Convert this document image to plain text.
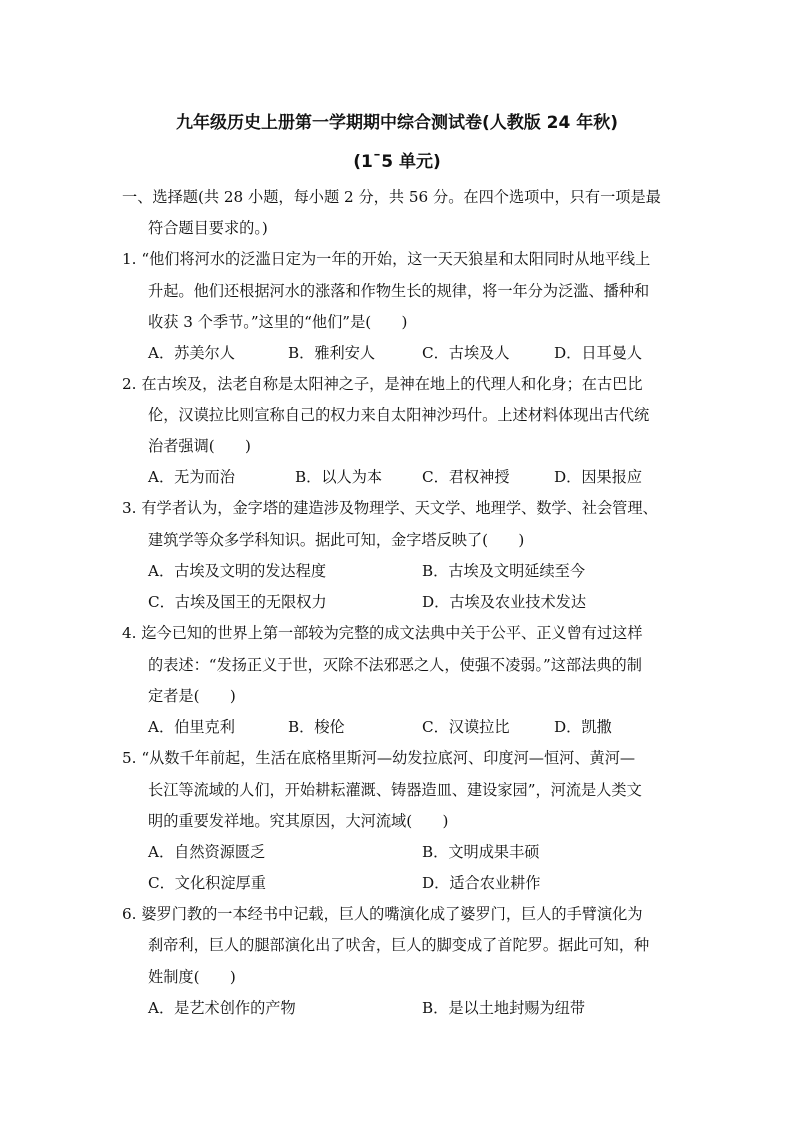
九年级历史上册第一学期期中综合测试卷(人教版 24 年秋)
(1¯5 单元)
一、选择题(共 28 小题，每小题 2 分，共 56 分。在四个选项中，只有一项是最
符合题目要求的。)
1. “他们将河水的泛滥日定为一年的开始，这一天天狼星和太阳同时从地平线上
升起。他们还根据河水的涨落和作物生长的规律，将一年分为泛滥、播种和
收获 3 个季节。”这里的“他们”是(　　)
A．苏美尔人	B．雅利安人	C．古埃及人	D．日耳曼人
2. 在古埃及，法老自称是太阳神之子，是神在地上的代理人和化身；在古巴比
伦，汉谟拉比则宣称自己的权力来自太阳神沙玛什。上述材料体现出古代统
治者强调(　　)
A．无为而治	B．以人为本	C．君权神授	D．因果报应
3. 有学者认为，金字塔的建造涉及物理学、天文学、地理学、数学、社会管理、
建筑学等众多学科知识。据此可知，金字塔反映了(　　)
A．古埃及文明的发达程度	B．古埃及文明延续至今
C．古埃及国王的无限权力	D．古埃及农业技术发达
4. 迄今已知的世界上第一部较为完整的成文法典中关于公平、正义曾有过这样
的表述：“发扬正义于世，灭除不法邪恶之人，使强不凌弱。”这部法典的制
定者是(　　)
A．伯里克利	B．梭伦	C．汉谟拉比	D．凯撒
5. “从数千年前起，生活在底格里斯河—幼发拉底河、印度河—恒河、黄河—
长江等流域的人们，开始耕耘灌溉、铸器造皿、建设家园”，河流是人类文
明的重要发祥地。究其原因，大河流域(　　)
A．自然资源匮乏	B．文明成果丰硕
C．文化积淀厚重	D．适合农业耕作
6. 婆罗门教的一本经书中记载，巨人的嘴演化成了婆罗门，巨人的手臂演化为
刹帝利，巨人的腿部演化出了吠舍，巨人的脚变成了首陀罗。据此可知，种
姓制度(　　)
A．是艺术创作的产物	B．是以土地封赐为纽带
